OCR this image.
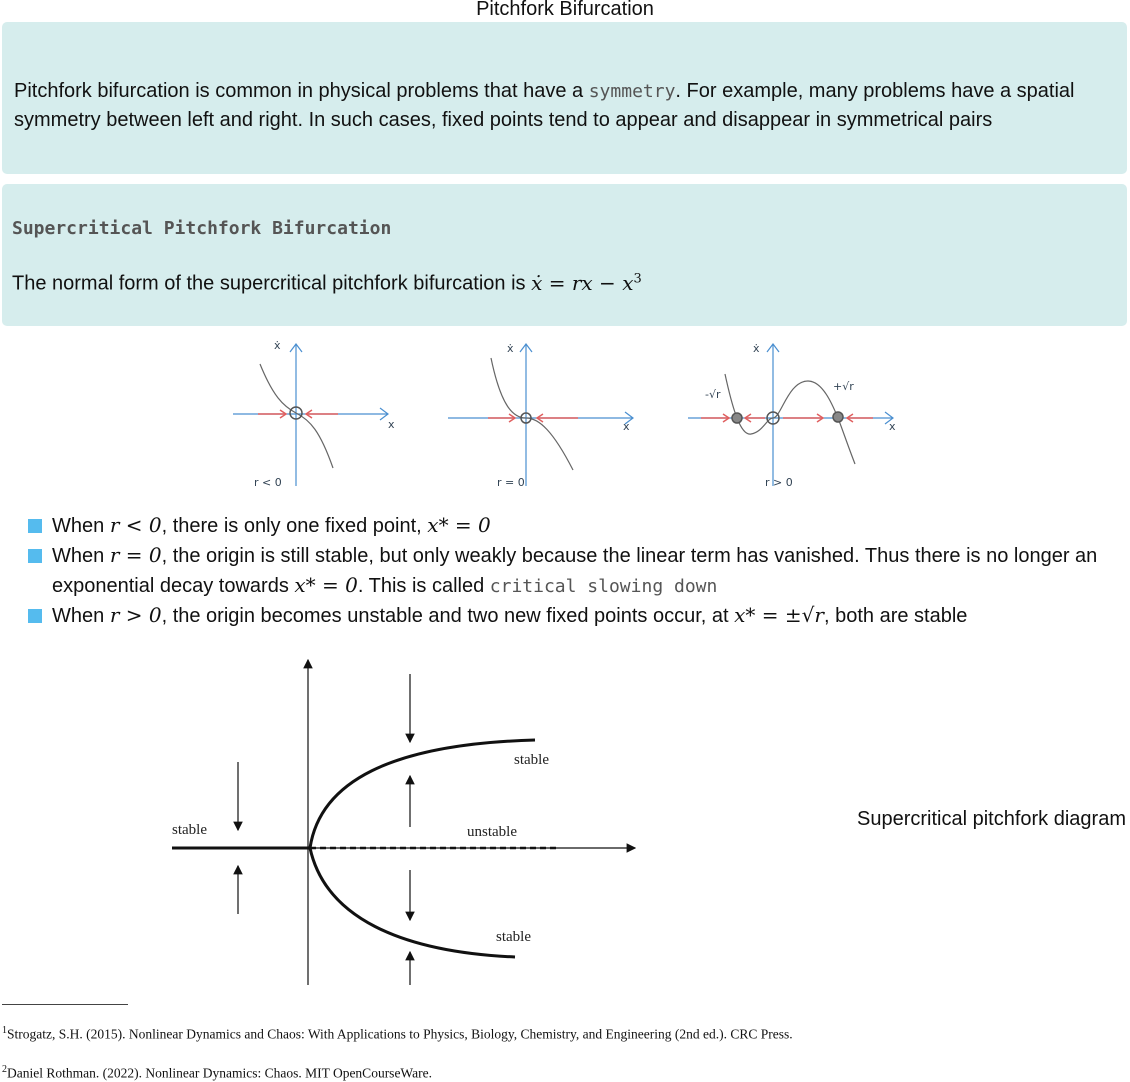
Pitchfork Bifurcation

Pitchfork bifurcation is common in physical problems that have a symmetry. For example, many problems have a spatial symmetry between left and right. In such cases, fixed points tend to appear and disappear in symmetrical pairs

Supercritical Pitchfork Bifurcation
The normal form of the supercritical pitchfork bifurcation is ẋ = rx − $x^3$
ẋ
x
r < 0
ẋ
x
r = 0
ẋ
x
-√r
+√r
r > 0
When r < 0, there is only one fixed point, x* = 0
When r = 0, the origin is still stable, but only weakly because the linear term has vanished. Thus there is no longer an exponential decay towards x* = 0. This is called critical slowing down
When r > 0, the origin becomes unstable and two new fixed points occur, at x* = ±√r, both are stable
stable
stable
unstable
stable
Supercritical pitchfork diagram
$^1$Strogatz, S.H. (2015). Nonlinear Dynamics and Chaos: With Applications to Physics, Biology, Chemistry, and Engineering (2nd ed.). CRC Press.
$^2$Daniel Rothman. (2022). Nonlinear Dynamics: Chaos. MIT OpenCourseWare.
